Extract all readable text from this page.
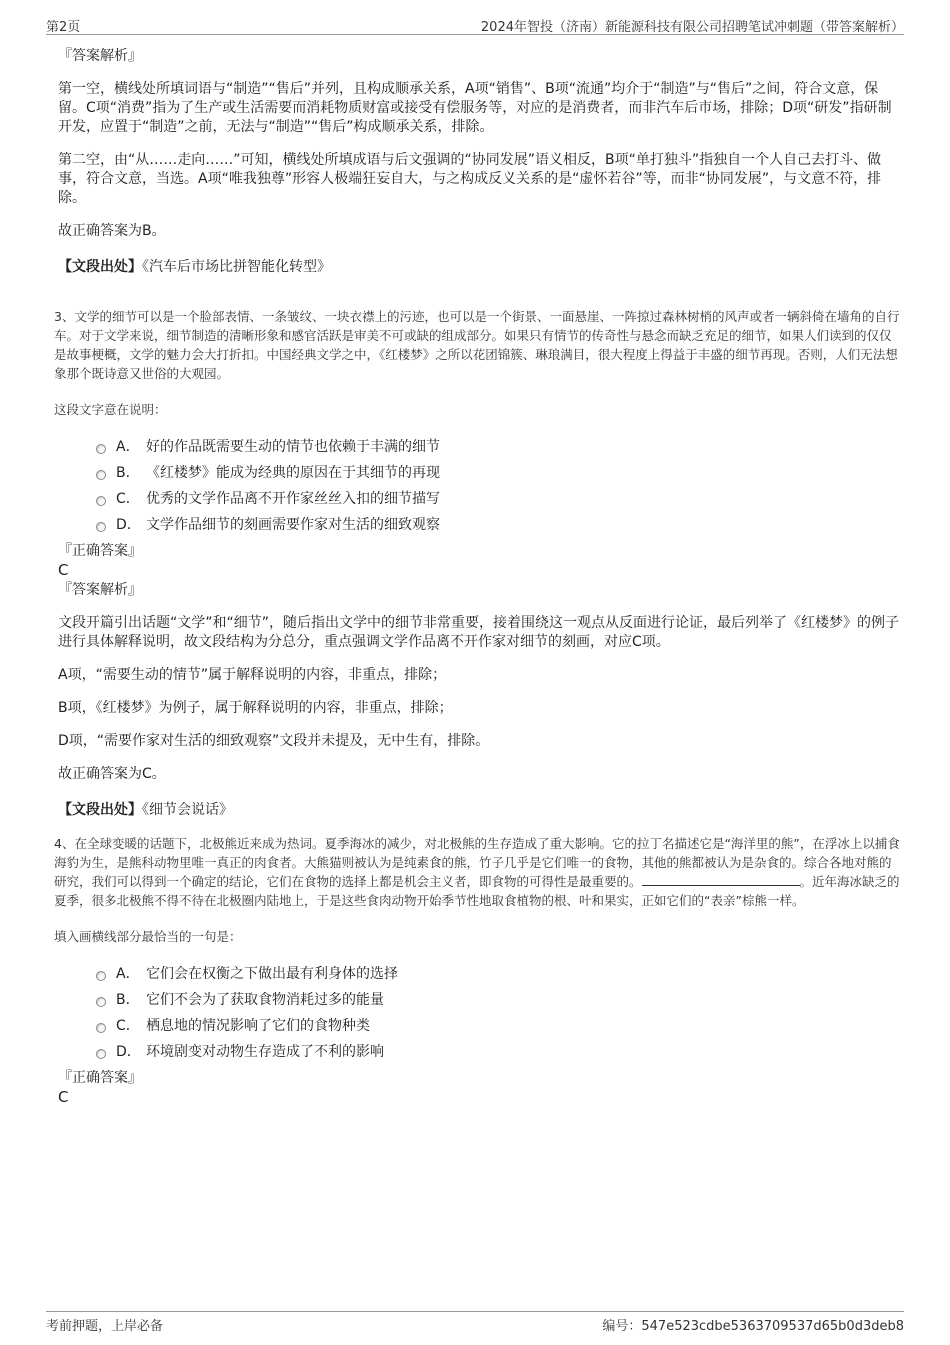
第2页	2024年智投（济南）新能源科技有限公司招聘笔试冲刺题（带答案解析）
『答案解析』
第一空，横线处所填词语与“制造”“售后”并列，且构成顺承关系，A项“销售”、B项“流通”均介于“制造”与“售后”之间，符合文意，保留。C项“消费”指为了生产或生活需要而消耗物质财富或接受有偿服务等，对应的是消费者，而非汽车后市场，排除；D项“研发”指研制开发，应置于“制造”之前，无法与“制造”“售后”构成顺承关系，排除。
第二空，由“从……走向……”可知，横线处所填成语与后文强调的“协同发展”语义相反，B项“单打独斗”指独自一个人自己去打斗、做事，符合文意，当选。A项“唯我独尊”形容人极端狂妄自大，与之构成反义关系的是“虚怀若谷”等，而非“协同发展”，与文意不符，排除。
故正确答案为B。
【文段出处】《汽车后市场比拼智能化转型》
3、文学的细节可以是一个脸部表情、一条皱纹、一块衣襟上的污迹，也可以是一个街景、一面悬崖、一阵掠过森林树梢的风声或者一辆斜倚在墙角的自行车。对于文学来说，细节制造的清晰形象和感官活跃是审美不可或缺的组成部分。如果只有情节的传奇性与悬念而缺乏充足的细节，如果人们读到的仅仅是故事梗概，文学的魅力会大打折扣。中国经典文学之中，《红楼梦》之所以花团锦簇、琳琅满目，很大程度上得益于丰盛的细节再现。否则，人们无法想象那个既诗意又世俗的大观园。
这段文字意在说明：
A． 好的作品既需要生动的情节也依赖于丰满的细节
B． 《红楼梦》能成为经典的原因在于其细节的再现
C． 优秀的文学作品离不开作家丝丝入扣的细节描写
D． 文学作品细节的刻画需要作家对生活的细致观察
『正确答案』
C
『答案解析』
文段开篇引出话题“文学”和“细节”，随后指出文学中的细节非常重要，接着围绕这一观点从反面进行论证，最后列举了《红楼梦》的例子进行具体解释说明，故文段结构为分总分，重点强调文学作品离不开作家对细节的刻画，对应C项。
A项，“需要生动的情节”属于解释说明的内容，非重点，排除；
B项，《红楼梦》为例子，属于解释说明的内容，非重点，排除；
D项，“需要作家对生活的细致观察”文段并未提及，无中生有，排除。
故正确答案为C。
【文段出处】《细节会说话》
4、在全球变暖的话题下，北极熊近来成为热词。夏季海冰的减少，对北极熊的生存造成了重大影响。它的拉丁名描述它是“海洋里的熊”，在浮冰上以捕食海豹为生，是熊科动物里唯一真正的肉食者。大熊猫则被认为是纯素食的熊，竹子几乎是它们唯一的食物，其他的熊都被认为是杂食的。综合各地对熊的研究，我们可以得到一个确定的结论，它们在食物的选择上都是机会主义者，即食物的可得性是最重要的。	。近年海冰缺乏的夏季，很多北极熊不得不待在北极圈内陆地上，于是这些食肉动物开始季节性地取食植物的根、叶和果实，正如它们的“表亲”棕熊一样。
填入画横线部分最恰当的一句是：
A． 它们会在权衡之下做出最有利身体的选择
B． 它们不会为了获取食物消耗过多的能量
C． 栖息地的情况影响了它们的食物种类
D． 环境剧变对动物生存造成了不利的影响
『正确答案』
C
考前押题，上岸必备	编号：547e523cdbe5363709537d65b0d3deb8
